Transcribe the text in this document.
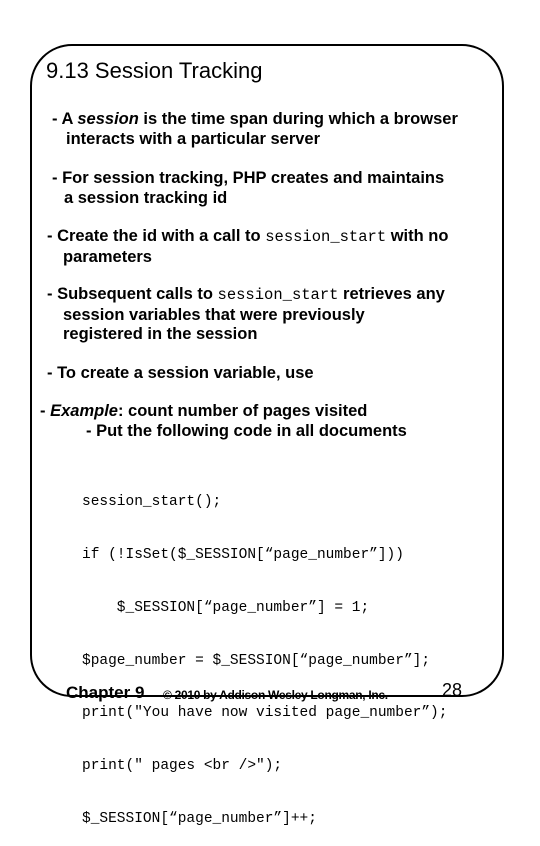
9.13 Session Tracking
- A session is the time span during which a browser
interacts with a particular server
- For session tracking, PHP creates and maintains
a session tracking id
- Create the id with a call to session_start with no
parameters
- Subsequent calls to session_start retrieves any
session variables that were previously
registered in the session
- To create a session variable, use
- Example: count number of pages visited
- Put the following code in all documents

session_start();

if (!IsSet($_SESSION[“page_number”]))

$_SESSION[“page_number”] = 1;

$page_number = $_SESSION[“page_number”];

print("You have now visited page_number”);

print(" pages <br />");

$_SESSION[“page_number”]++;

Chapter 9 © 2010 by Addison Wesley Longman, Inc.	28
